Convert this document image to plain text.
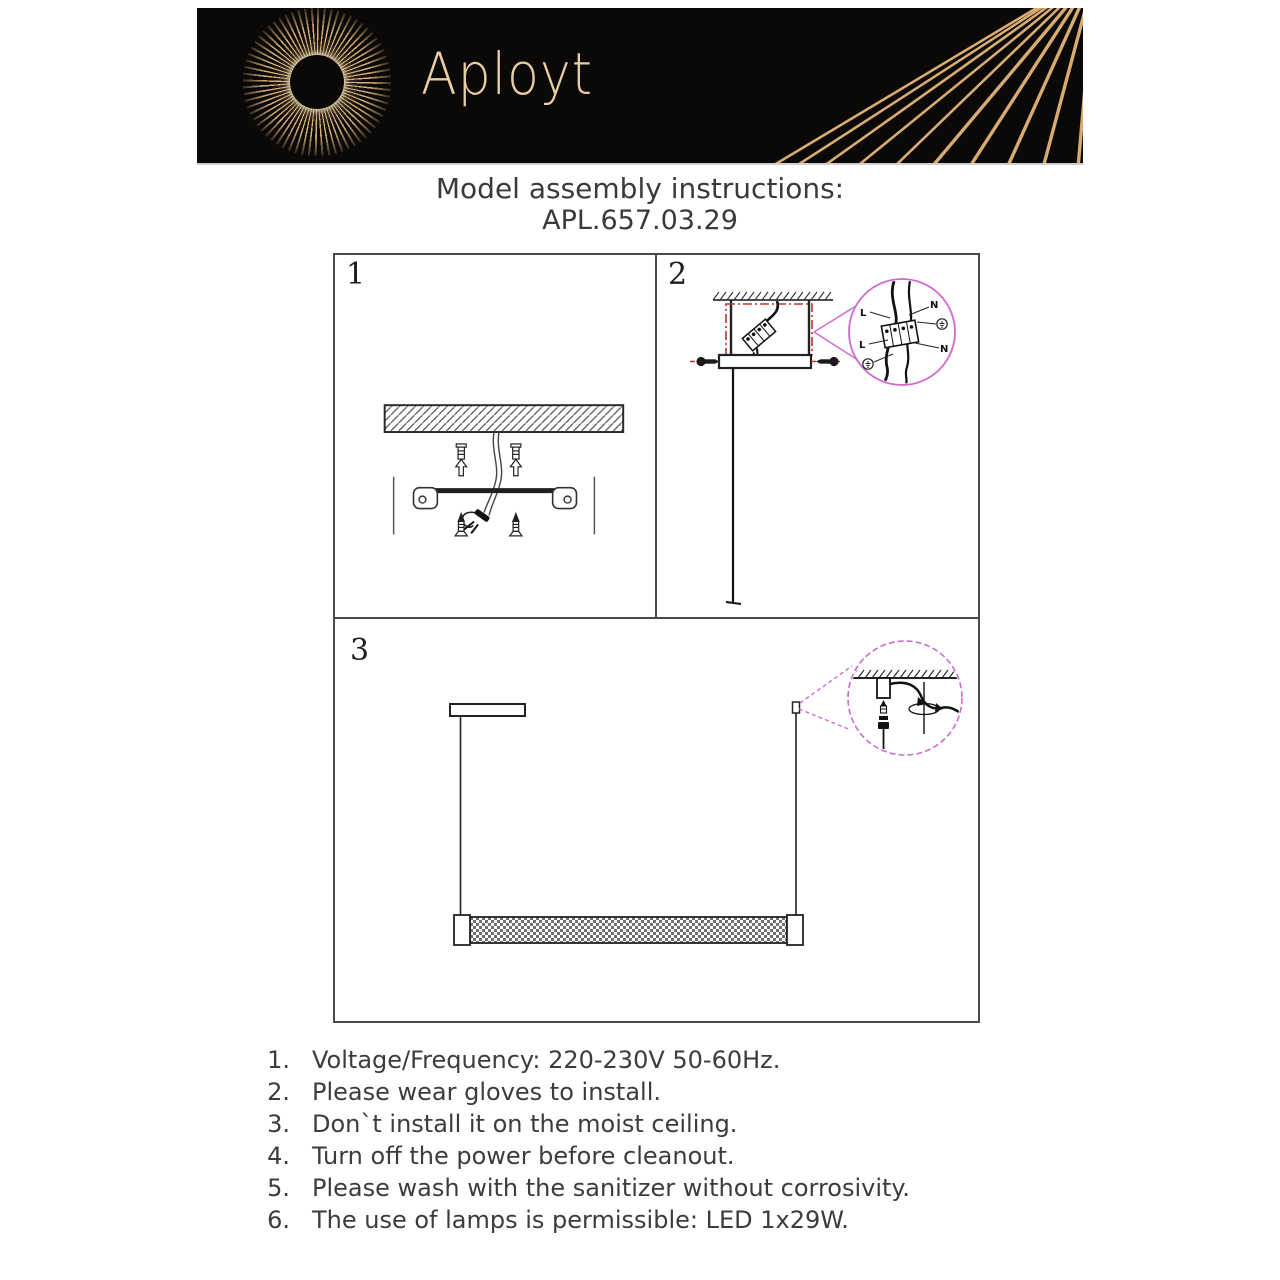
Aployt
Model assembly instructions:
APL.657.03.29
1	2
L
N
L	N
3
1. Voltage/Frequency: 220-230V 50-60Hz.
2. Please wear gloves to install.
3. Don`t install it on the moist ceiling.
4. Turn off the power before cleanout.
5. Please wash with the sanitizer without corrosivity.
6. The use of lamps is permissible: LED 1x29W.
